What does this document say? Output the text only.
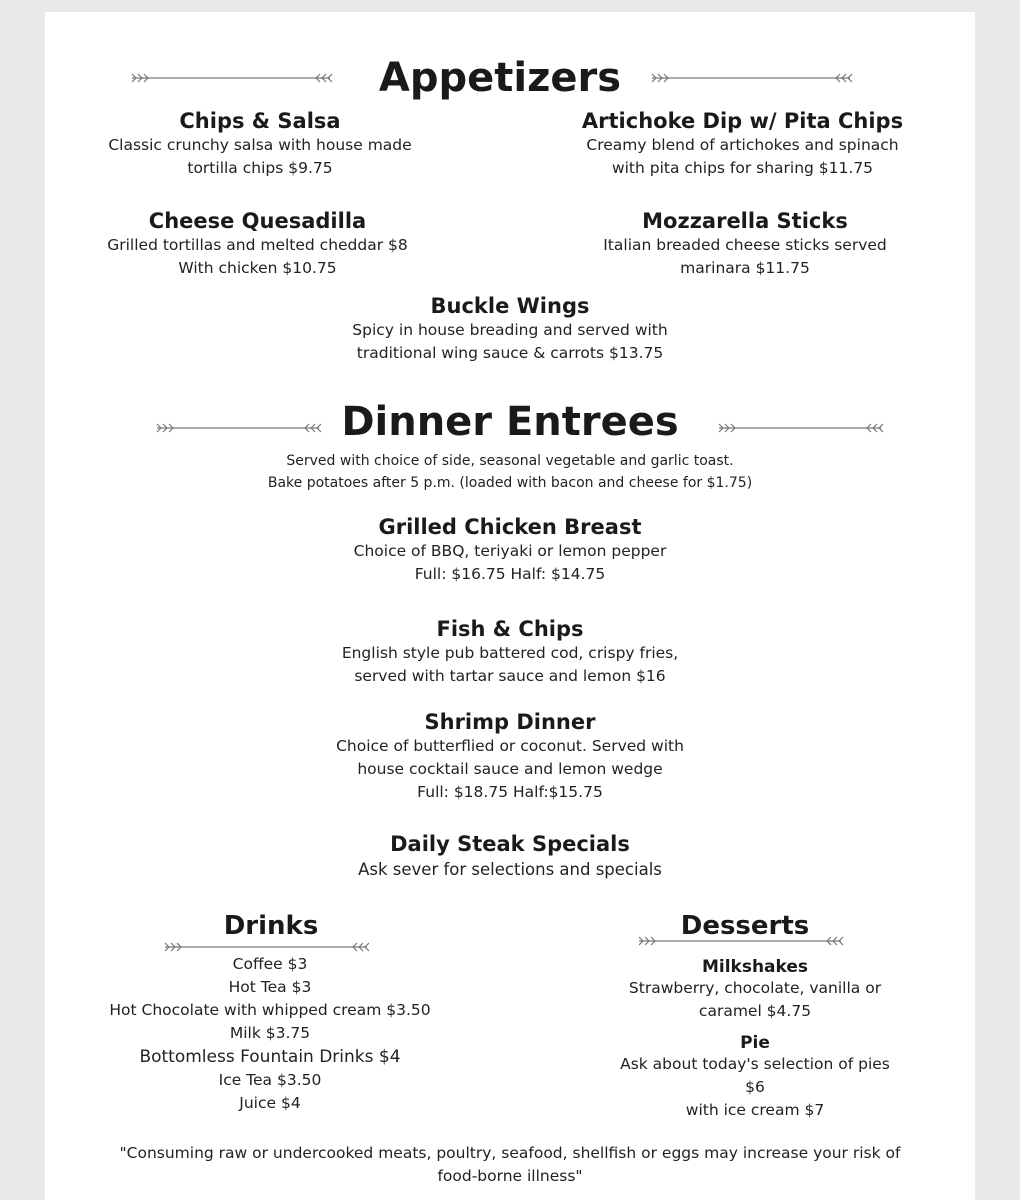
Appetizers
Chips & Salsa
Classic crunchy salsa with house made
tortilla chips $9.75
Artichoke Dip w/ Pita Chips
Creamy blend of artichokes and spinach
with pita chips for sharing $11.75
Cheese Quesadilla
Grilled tortillas and melted cheddar $8
With chicken $10.75
Mozzarella Sticks
Italian breaded cheese sticks served
marinara $11.75
Buckle Wings
Spicy in house breading and served with
traditional wing sauce & carrots $13.75
Dinner Entrees
Served with choice of side, seasonal vegetable and garlic toast.
Bake potatoes after 5 p.m. (loaded with bacon and cheese for $1.75)
Grilled Chicken Breast
Choice of BBQ, teriyaki or lemon pepper
Full: $16.75 Half: $14.75
Fish & Chips
English style pub battered cod, crispy fries,
served with tartar sauce and lemon $16
Shrimp Dinner
Choice of butterflied or coconut. Served with
house cocktail sauce and lemon wedge
Full: $18.75 Half:$15.75
Daily Steak Specials
Ask sever for selections and specials
Drinks
Coffee $3
Hot Tea $3
Hot Chocolate with whipped cream $3.50
Milk $3.75
Bottomless Fountain Drinks $4
Ice Tea $3.50
Juice $4
Desserts
Milkshakes
Strawberry, chocolate, vanilla or
caramel $4.75
Pie
Ask about today's selection of pies
$6
with ice cream $7
"Consuming raw or undercooked meats, poultry, seafood, shellfish or eggs may increase your risk of
food-borne illness"
